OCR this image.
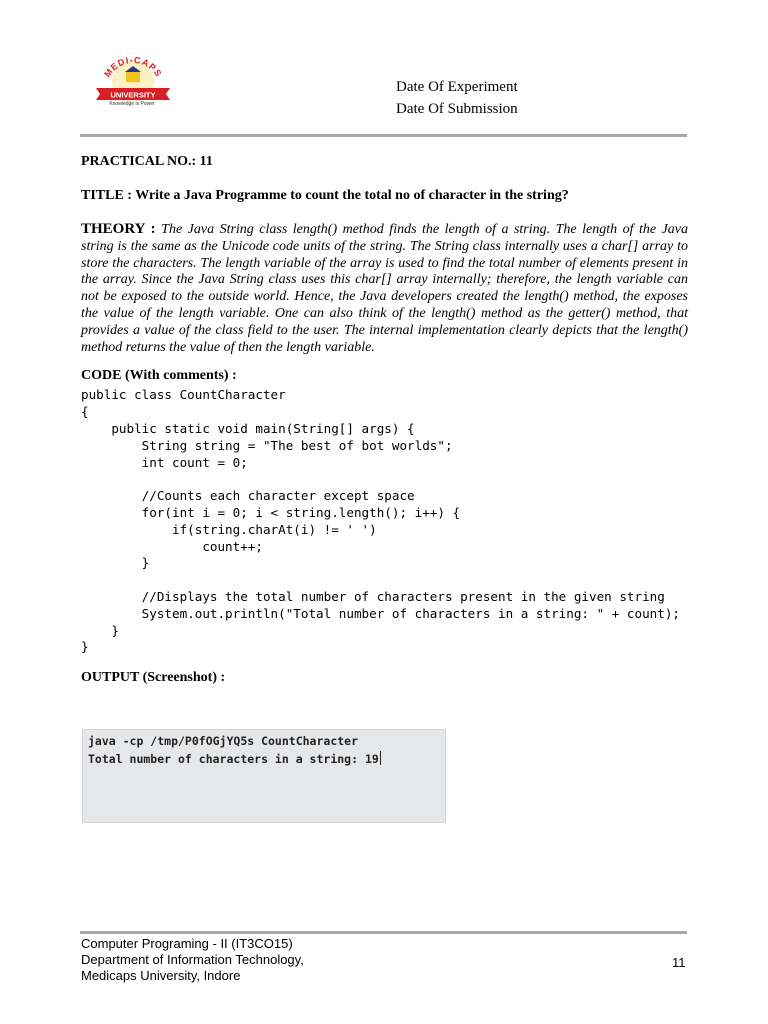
MEDI-CAPS
UNIVERSITY
Knowledge is Power
Date Of Experiment
Date Of Submission
PRACTICAL NO.: 11
TITLE : Write a Java Programme to count the total no of character in the string?
THEORY : The Java String class length() method finds the length of a string. The length of the Java string is the same as the Unicode code units of the string. The String class internally uses a char[] array to store the characters. The length variable of the array is used to find the total number of elements present in the array. Since the Java String class uses this char[] array internally; therefore, the length variable can not be exposed to the outside world. Hence, the Java developers created the length() method, the exposes the value of the length variable. One can also think of the length() method as the getter() method, that provides a value of the class field to the user. The internal implementation clearly depicts that the length() method returns the value of then the length variable.
CODE (With comments) :
public class CountCharacter
{
public static void main(String[] args) {
String string = "The best of bot worlds";
int count = 0;

//Counts each character except space
for(int i = 0; i < string.length(); i++) {
if(string.charAt(i) != ' ')
count++;
}

//Displays the total number of characters present in the given string
System.out.println("Total number of characters in a string: " + count);
}
}
OUTPUT (Screenshot) :
java -cp /tmp/P0fOGjYQ5s CountCharacter
Total number of characters in a string: 19
Computer Programing - II (IT3CO15)
Department of Information Technology,
Medicaps University, Indore
11
